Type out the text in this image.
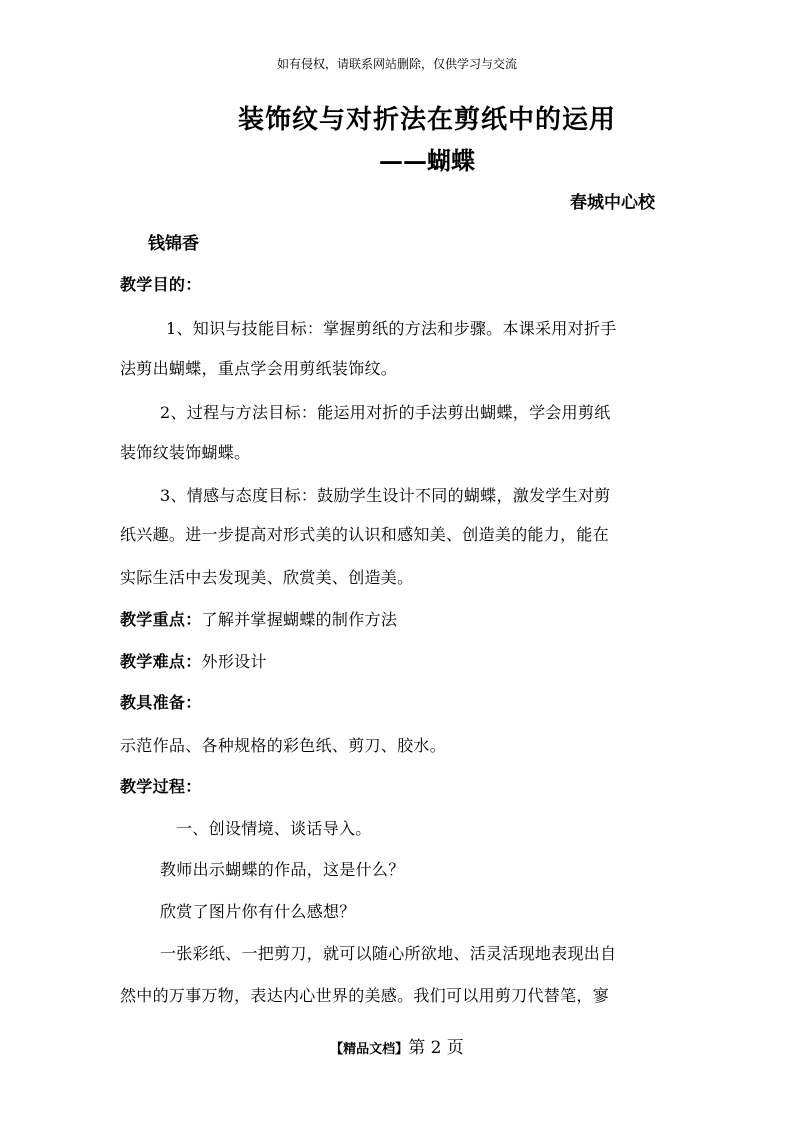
如有侵权，请联系网站删除，仅供学习与交流
装饰纹与对折法在剪纸中的运用
——蝴蝶
春城中心校
钱锦香
教学目的：
1、知识与技能目标：掌握剪纸的方法和步骤。本课采用对折手
法剪出蝴蝶，重点学会用剪纸装饰纹。
2、过程与方法目标：能运用对折的手法剪出蝴蝶，学会用剪纸
装饰纹装饰蝴蝶。
3、情感与态度目标：鼓励学生设计不同的蝴蝶，激发学生对剪
纸兴趣。进一步提高对形式美的认识和感知美、创造美的能力，能在
实际生活中去发现美、欣赏美、创造美。
教学重点：了解并掌握蝴蝶的制作方法
教学难点：外形设计
教具准备：
示范作品、各种规格的彩色纸、剪刀、胶水。
教学过程：
一、创设情境、谈话导入。
教师出示蝴蝶的作品，这是什么？
欣赏了图片你有什么感想？
一张彩纸、一把剪刀，就可以随心所欲地、活灵活现地表现出自
然中的万事万物，表达内心世界的美感。我们可以用剪刀代替笔，寥
【精品文档】第 2 页
